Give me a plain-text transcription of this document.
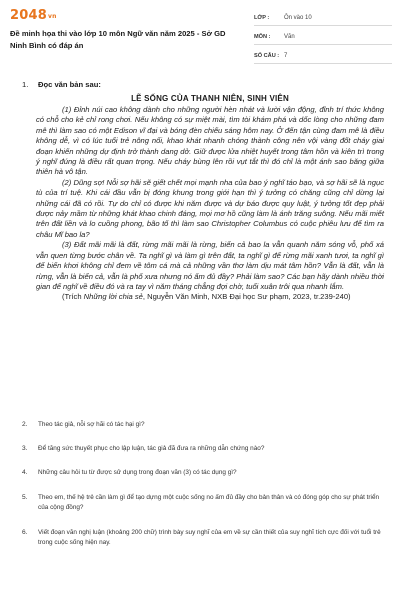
2048vn
Đề minh họa thi vào lớp 10 môn Ngữ văn năm 2025 - Sở GD Ninh Bình có đáp án
LỚP :	Ôn vào 10
MÔN :	Văn
SỐ CÂU : 7
1.	Đọc văn bản sau:
LẼ SỐNG CỦA THANH NIÊN, SINH VIÊN

(1) Đỉnh núi cao không dành cho những người hèn nhát và lười vận động, đỉnh trí thức không có chỗ cho kẻ chỉ rong chơi. Nếu không có sự miệt mài, tìm tòi khám phá và dốc lòng cho những đam mê thì làm sao có một Edison vĩ đại và bóng đèn chiếu sáng hôm nay. Ở đến tận cùng đam mê là điều không dễ, vì có lúc tuổi trẻ nông nổi, khao khát nhanh chóng thành công nên vội vàng đốt cháy giai đoạn khiến những dự định trở thành dang dở. Giữ được lửa nhiệt huyết trong tâm hồn và kiên trì trong ý nghĩ đúng là điều rất quan trọng. Nếu cháy bùng lên rồi vụt tắt thì đó chỉ là một ánh sao băng giữa thiên hà vô tận.

(2) Dũng sợ! Nỗi sợ hãi sẽ giết chết mọi mạnh nha của bao ý nghĩ táo bạo, và sợ hãi sẽ là ngục tù của trí tuệ. Khi cái đầu vẫn bị đóng khung trong giới hạn thì ý tưởng có chăng cũng chỉ dừng lại những cái đã có rồi. Tự do chỉ có được khi năm được và dự báo được quy luật, ý tưởng tốt đẹp phải được nảy mầm từ những khát khao chinh đáng, mọi mơ hồ cũng làm là ánh trăng suông. Nếu mãi miết trên đất liền và lo cuồng phong, bão tố thì làm sao Christopher Columbus có cuộc phiêu lưu để tìm ra châu Mĩ bao la?

(3) Đất mãi mãi là đất, rừng mãi mãi là rừng, biển cả bao la vẫn quanh năm sóng vỗ, phố xá vẫn quen từng bước chân về. Ta nghĩ gì và làm gì trên đất, ta nghĩ gì để rừng mãi xanh tươi, ta nghĩ gì để biển khơi không chỉ đem về tôm cá mà cả những vần thơ làm dịu mát tâm hồn? Vẫn là đất, vẫn là rừng, vẫn là biển cả, vẫn là phố xưa nhưng nó ấm đủ đầy? Phải làm sao? Các bạn hãy dành nhiều thời gian để nghĩ về điều đó và ra tay vì năm tháng chẳng đợi chờ, tuổi xuân trôi qua nhanh lắm.

(Trích Những lời chia sẻ, Nguyễn Văn Minh, NXB Đại học Sư phạm, 2023, tr.239-240)

2.	Theo tác giả, nỗi sợ hãi có tác hại gì?
3.	Để tăng sức thuyết phục cho lập luận, tác giả đã đưa ra những dẫn chứng nào?
4.	Những câu hỏi tu từ được sử dụng trong đoạn văn (3) có tác dụng gì?
5.	Theo em, thế hệ trẻ cần làm gì để tạo dựng một cuộc sống no ấm đủ đầy cho bản thân và có đóng góp cho sự phát triển của cộng đồng?
6.	Viết đoạn văn nghị luận (khoảng 200 chữ) trình bày suy nghĩ của em về sự cần thiết của suy nghĩ tích cực đối với tuổi trẻ trong cuộc sống hiện nay.
